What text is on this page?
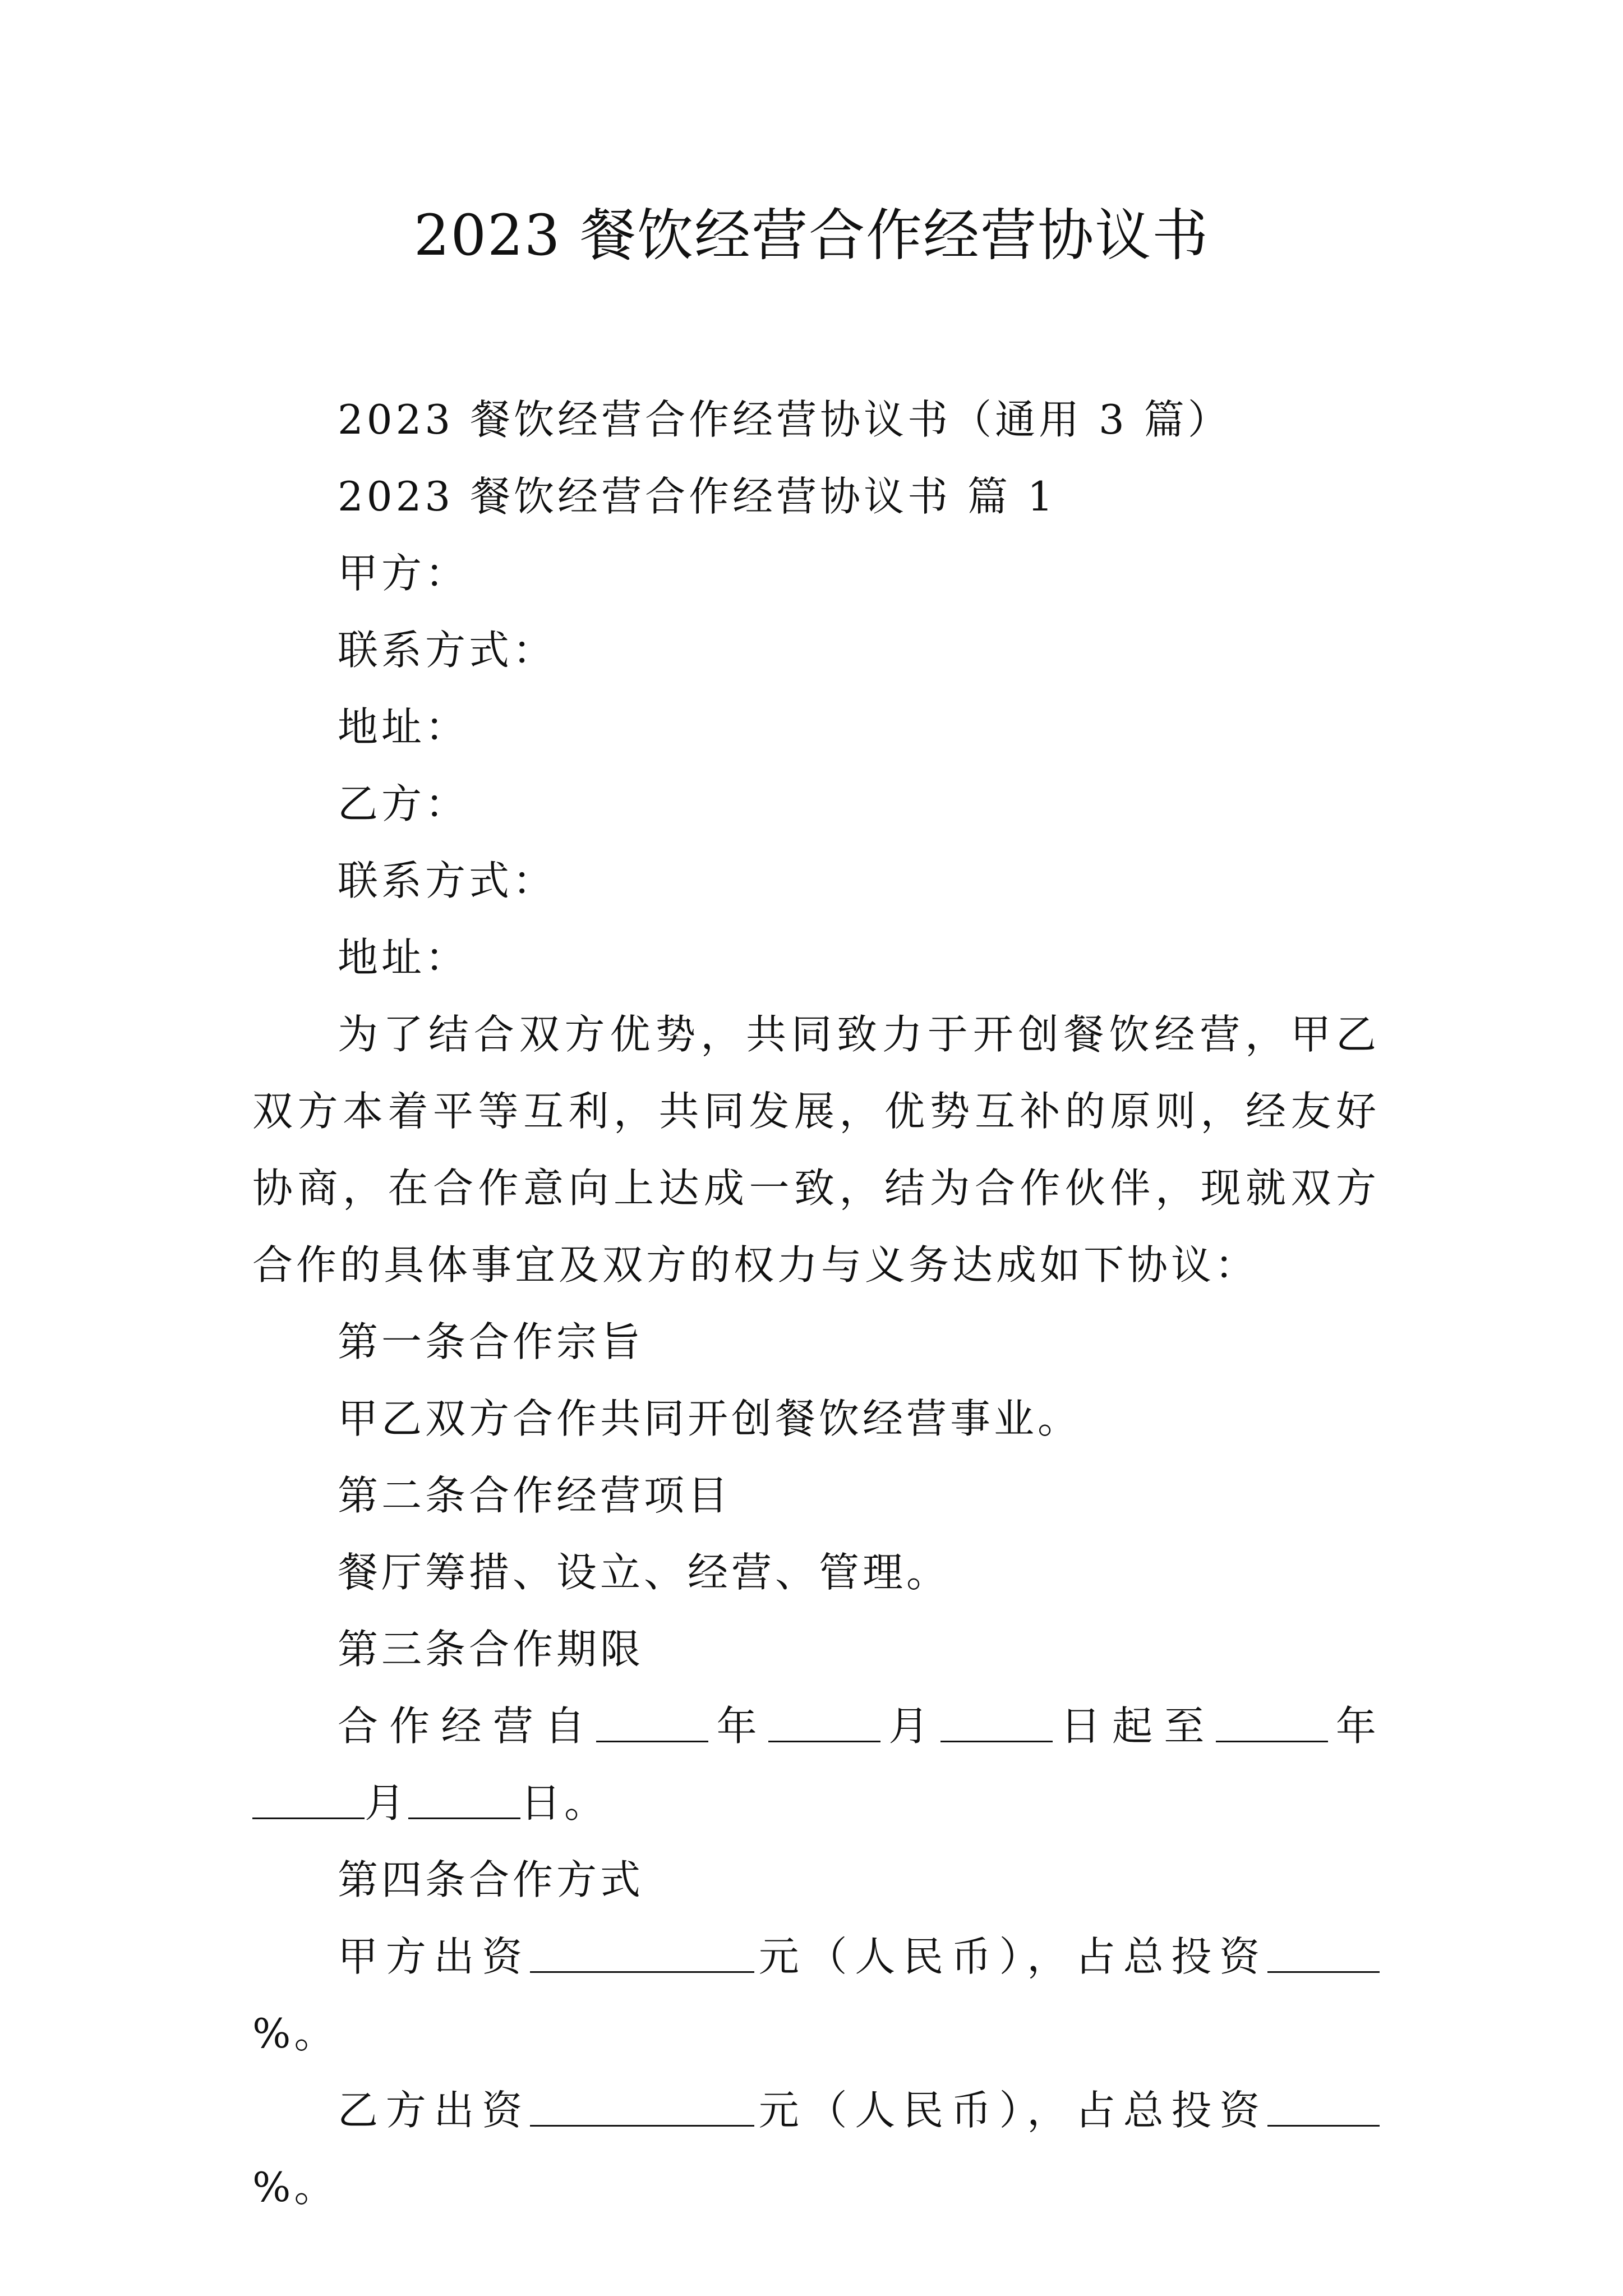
2023 餐饮经营合作经营协议书

2023 餐饮经营合作经营协议书（通用 3 篇）

2023 餐饮经营合作经营协议书 篇 1

甲方：

联系方式：

地址：

乙方：

联系方式：

地址：

为了结合双方优势，共同致力于开创餐饮经营，甲乙双方本着平等互利，共同发展，优势互补的原则，经友好协商，在合作意向上达成一致，结为合作伙伴，现就双方合作的具体事宜及双方的权力与义务达成如下协议：

第一条合作宗旨

甲乙双方合作共同开创餐饮经营事业。

第二条合作经营项目

餐厅筹措、设立、经营、管理。

第三条合作期限

合作经营自	年	月	日起至	年月	日。

第四条合作方式

甲方出资	元（人民币），占总投资%。

乙方出资	元（人民币），占总投资%。
